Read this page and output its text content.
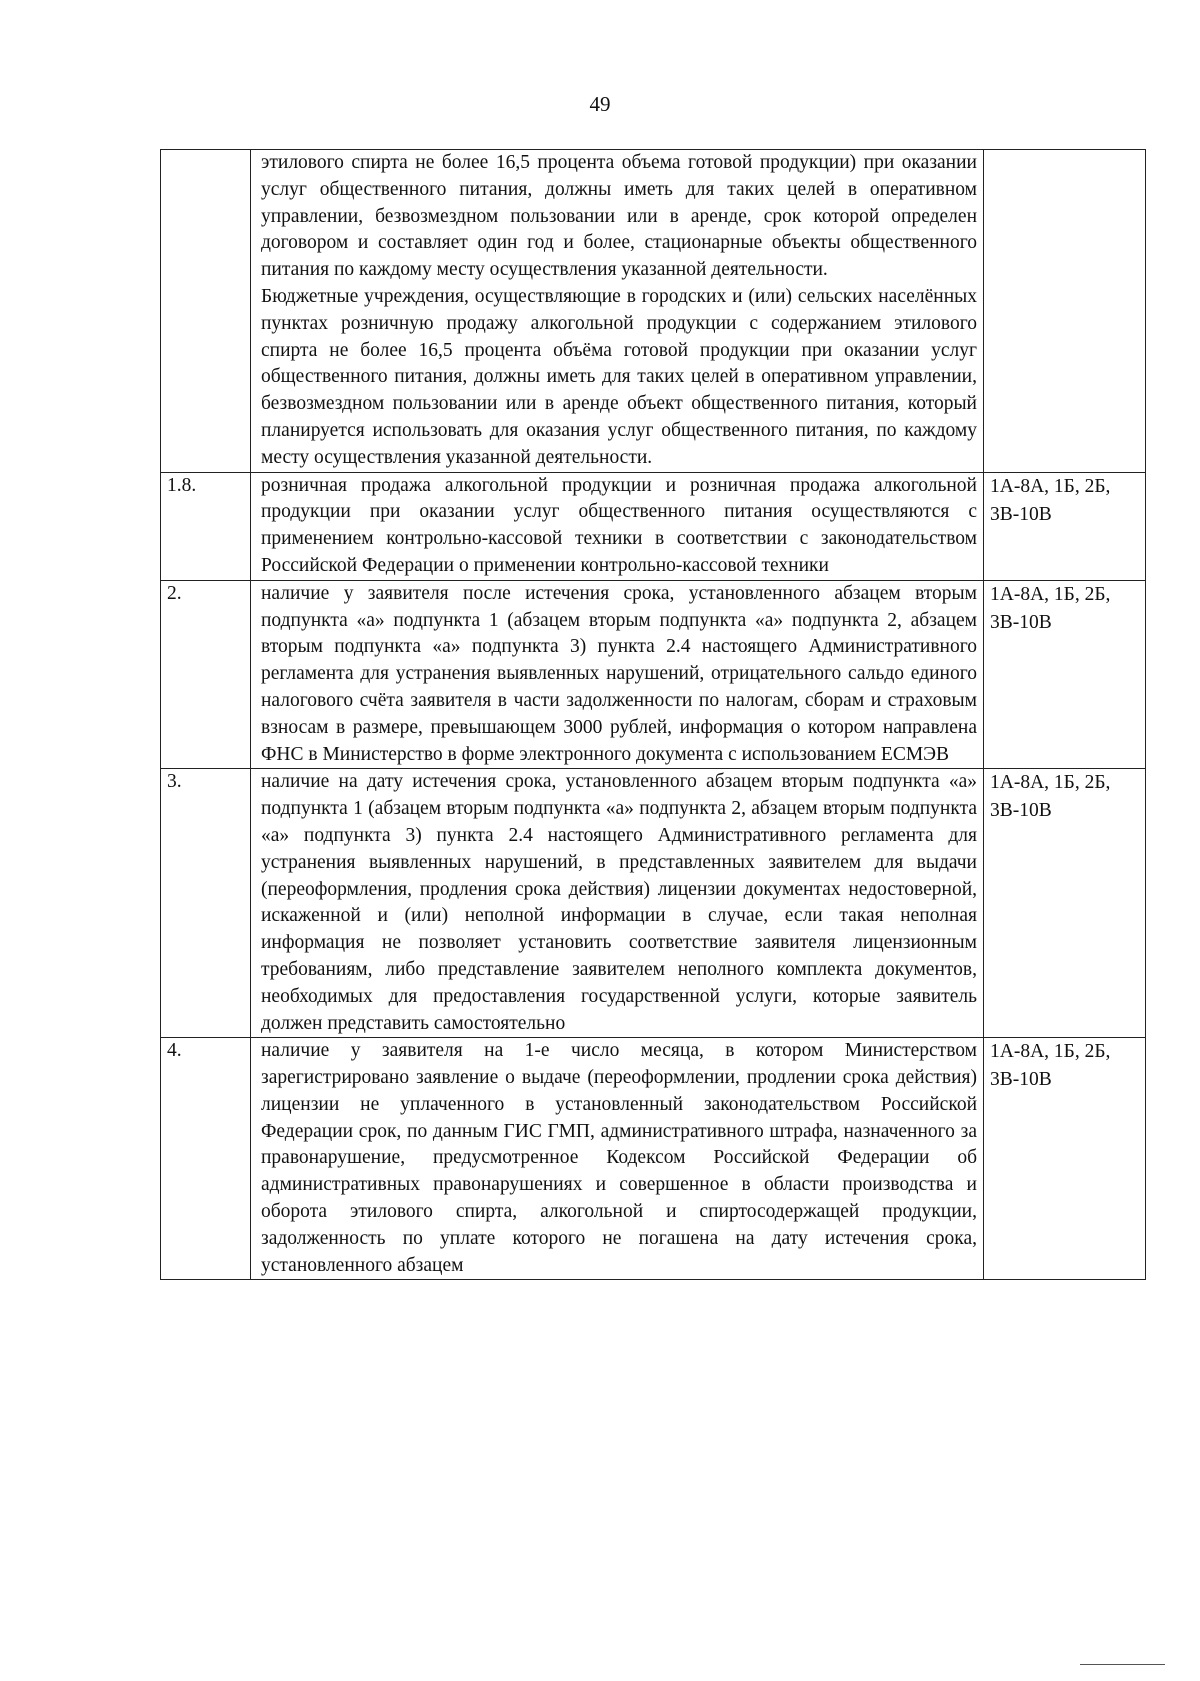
49

	этилового спирта не более 16,5 процента объема готовой продукции) при оказании услуг общественного питания, должны иметь для таких целей в оперативном управлении, безвозмездном пользовании или в аренде, срок которой определен договором и составляет один год и более, стационарные объекты общественного питания по каждому месту осуществления указанной деятельности.

Бюджетные учреждения, осуществляющие в городских и (или) сельских населённых пунктах розничную продажу алкогольной продукции с содержанием этилового спирта не более 16,5 процента объёма готовой продукции при оказании услуг общественного питания, должны иметь для таких целей в оперативном управлении, безвозмездном пользовании или в аренде объект общественного питания, который планируется использовать для оказания услуг общественного питания, по каждому месту осуществления указанной деятельности.	

1.8.	розничная продажа алкогольной продукции и розничная продажа алкогольной продукции при оказании услуг общественного питания осуществляются с применением контрольно-кассовой техники в соответствии с законодательством Российской Федерации о применении контрольно-кассовой техники	1А-8А, 1Б, 2Б,
3В-10В

2.	наличие у заявителя после истечения срока, установленного абзацем вторым подпункта «а» подпункта 1 (абзацем вторым подпункта «а» подпункта 2, абзацем вторым подпункта «а» подпункта 3) пункта 2.4 настоящего Административного регламента для устранения выявленных нарушений, отрицательного сальдо единого налогового счёта заявителя в части задолженности по налогам, сборам и страховым взносам в размере, превышающем 3000 рублей, информация о котором направлена ФНС в Министерство в форме электронного документа с использованием ЕСМЭВ	1А-8А, 1Б, 2Б,
3В-10В

3.	наличие на дату истечения срока, установленного абзацем вторым подпункта «а» подпункта 1 (абзацем вторым подпункта «а» подпункта 2, абзацем вторым подпункта «а» подпункта 3) пункта 2.4 настоящего Административного регламента для устранения выявленных нарушений, в представленных заявителем для выдачи (переоформления, продления срока действия) лицензии документах недостоверной, искаженной и (или) неполной информации в случае, если такая неполная информация не позволяет установить соответствие заявителя лицензионным требованиям, либо представление заявителем неполного комплекта документов, необходимых для предоставления государственной услуги, которые заявитель должен представить самостоятельно	1А-8А, 1Б, 2Б,
3В-10В

4.	наличие у заявителя на 1-е число месяца, в котором Министерством зарегистрировано заявление о выдаче (переоформлении, продлении срока действия) лицензии не уплаченного в установленный законодательством Российской Федерации срок, по данным ГИС ГМП, административного штрафа, назначенного за правонарушение, предусмотренное Кодексом Российской Федерации об административных правонарушениях и совершенное в области производства и оборота этилового спирта, алкогольной и спиртосодержащей продукции, задолженность по уплате которого не погашена на дату истечения срока, установленного абзацем	1А-8А, 1Б, 2Б,
3В-10В
